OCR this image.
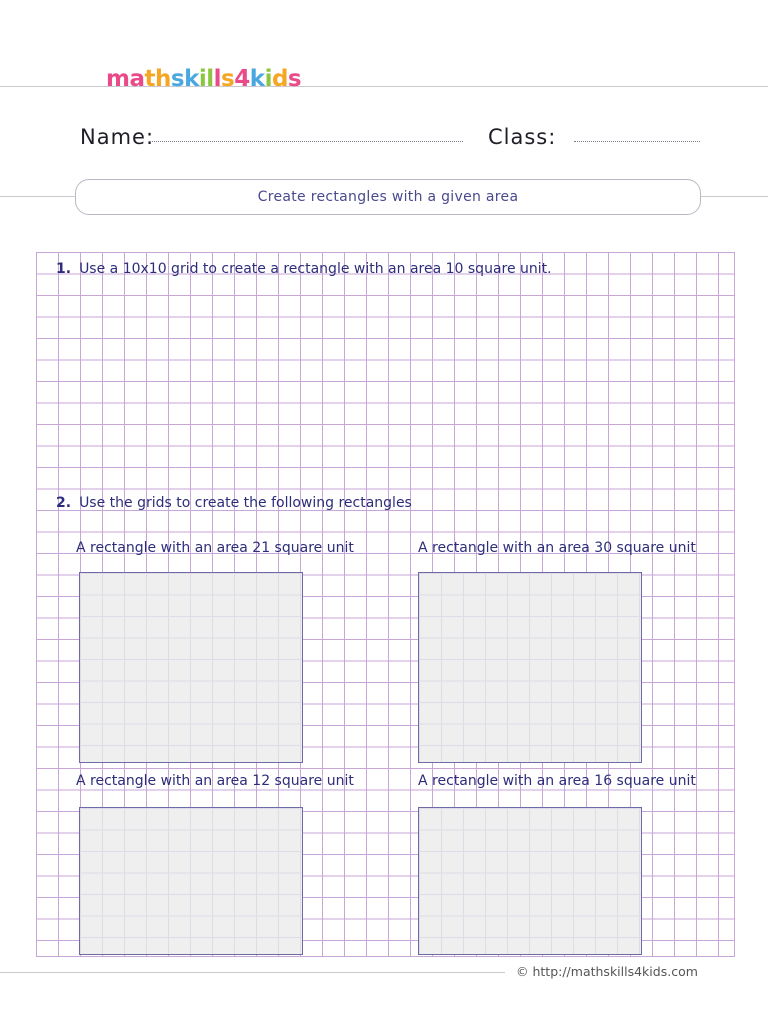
mathskills4kids
Name:	Class:
Create rectangles with a given area
1. Use a 10x10 grid to create a rectangle with an area 10 square unit.
2. Use the grids to create the following rectangles
A rectangle with an area 21 square unit	A rectangle with an area 30 square unit
A rectangle with an area 12 square unit	A rectangle with an area 16 square unit
© http://mathskills4kids.com
